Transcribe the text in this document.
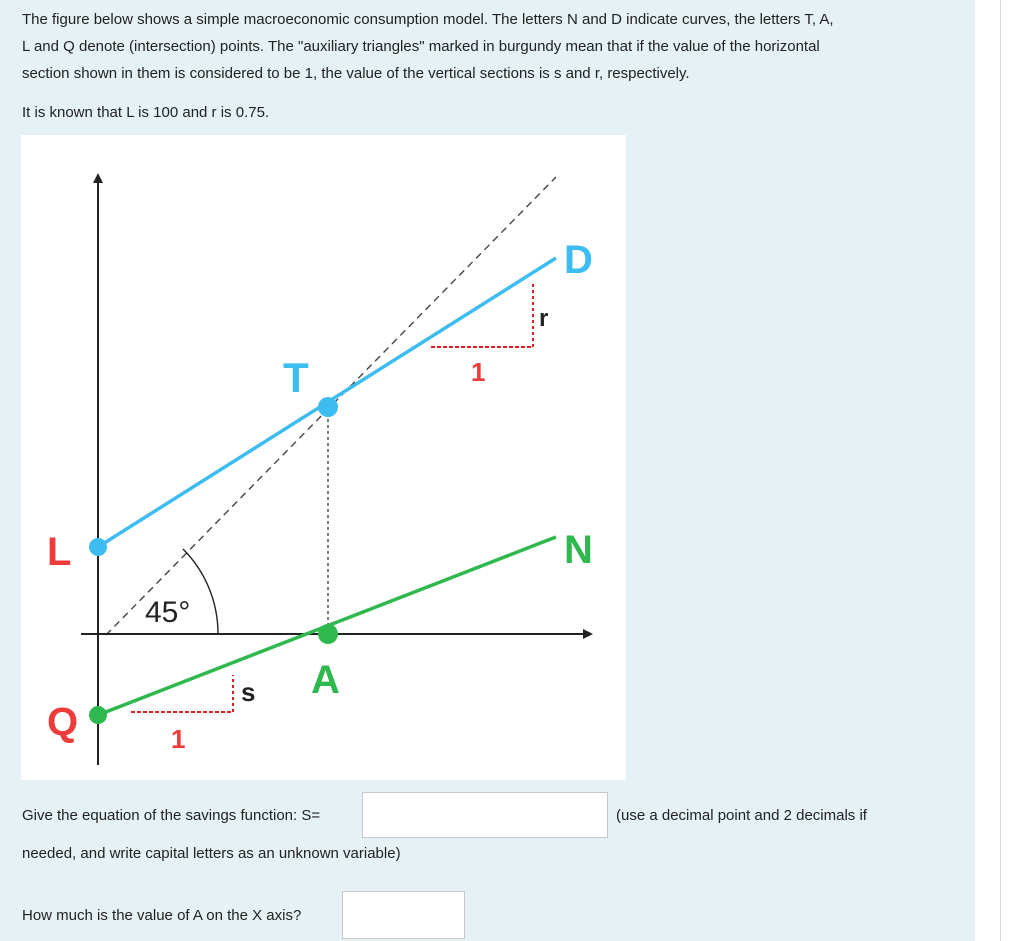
The figure below shows a simple macroeconomic consumption model. The letters N and D indicate curves, the letters T, A,
L and Q denote (intersection) points. The "auxiliary triangles" marked in burgundy mean that if the value of the horizontal
section shown in them is considered to be 1, the value of the vertical sections is s and r, respectively.
It is known that L is 100 and r is 0.75.
L
Q
T
D
A
N
45°
r
1
s
1
Give the equation of the savings function: S=	(use a decimal point and 2 decimals if
needed, and write capital letters as an unknown variable)
How much is the value of A on the X axis?
